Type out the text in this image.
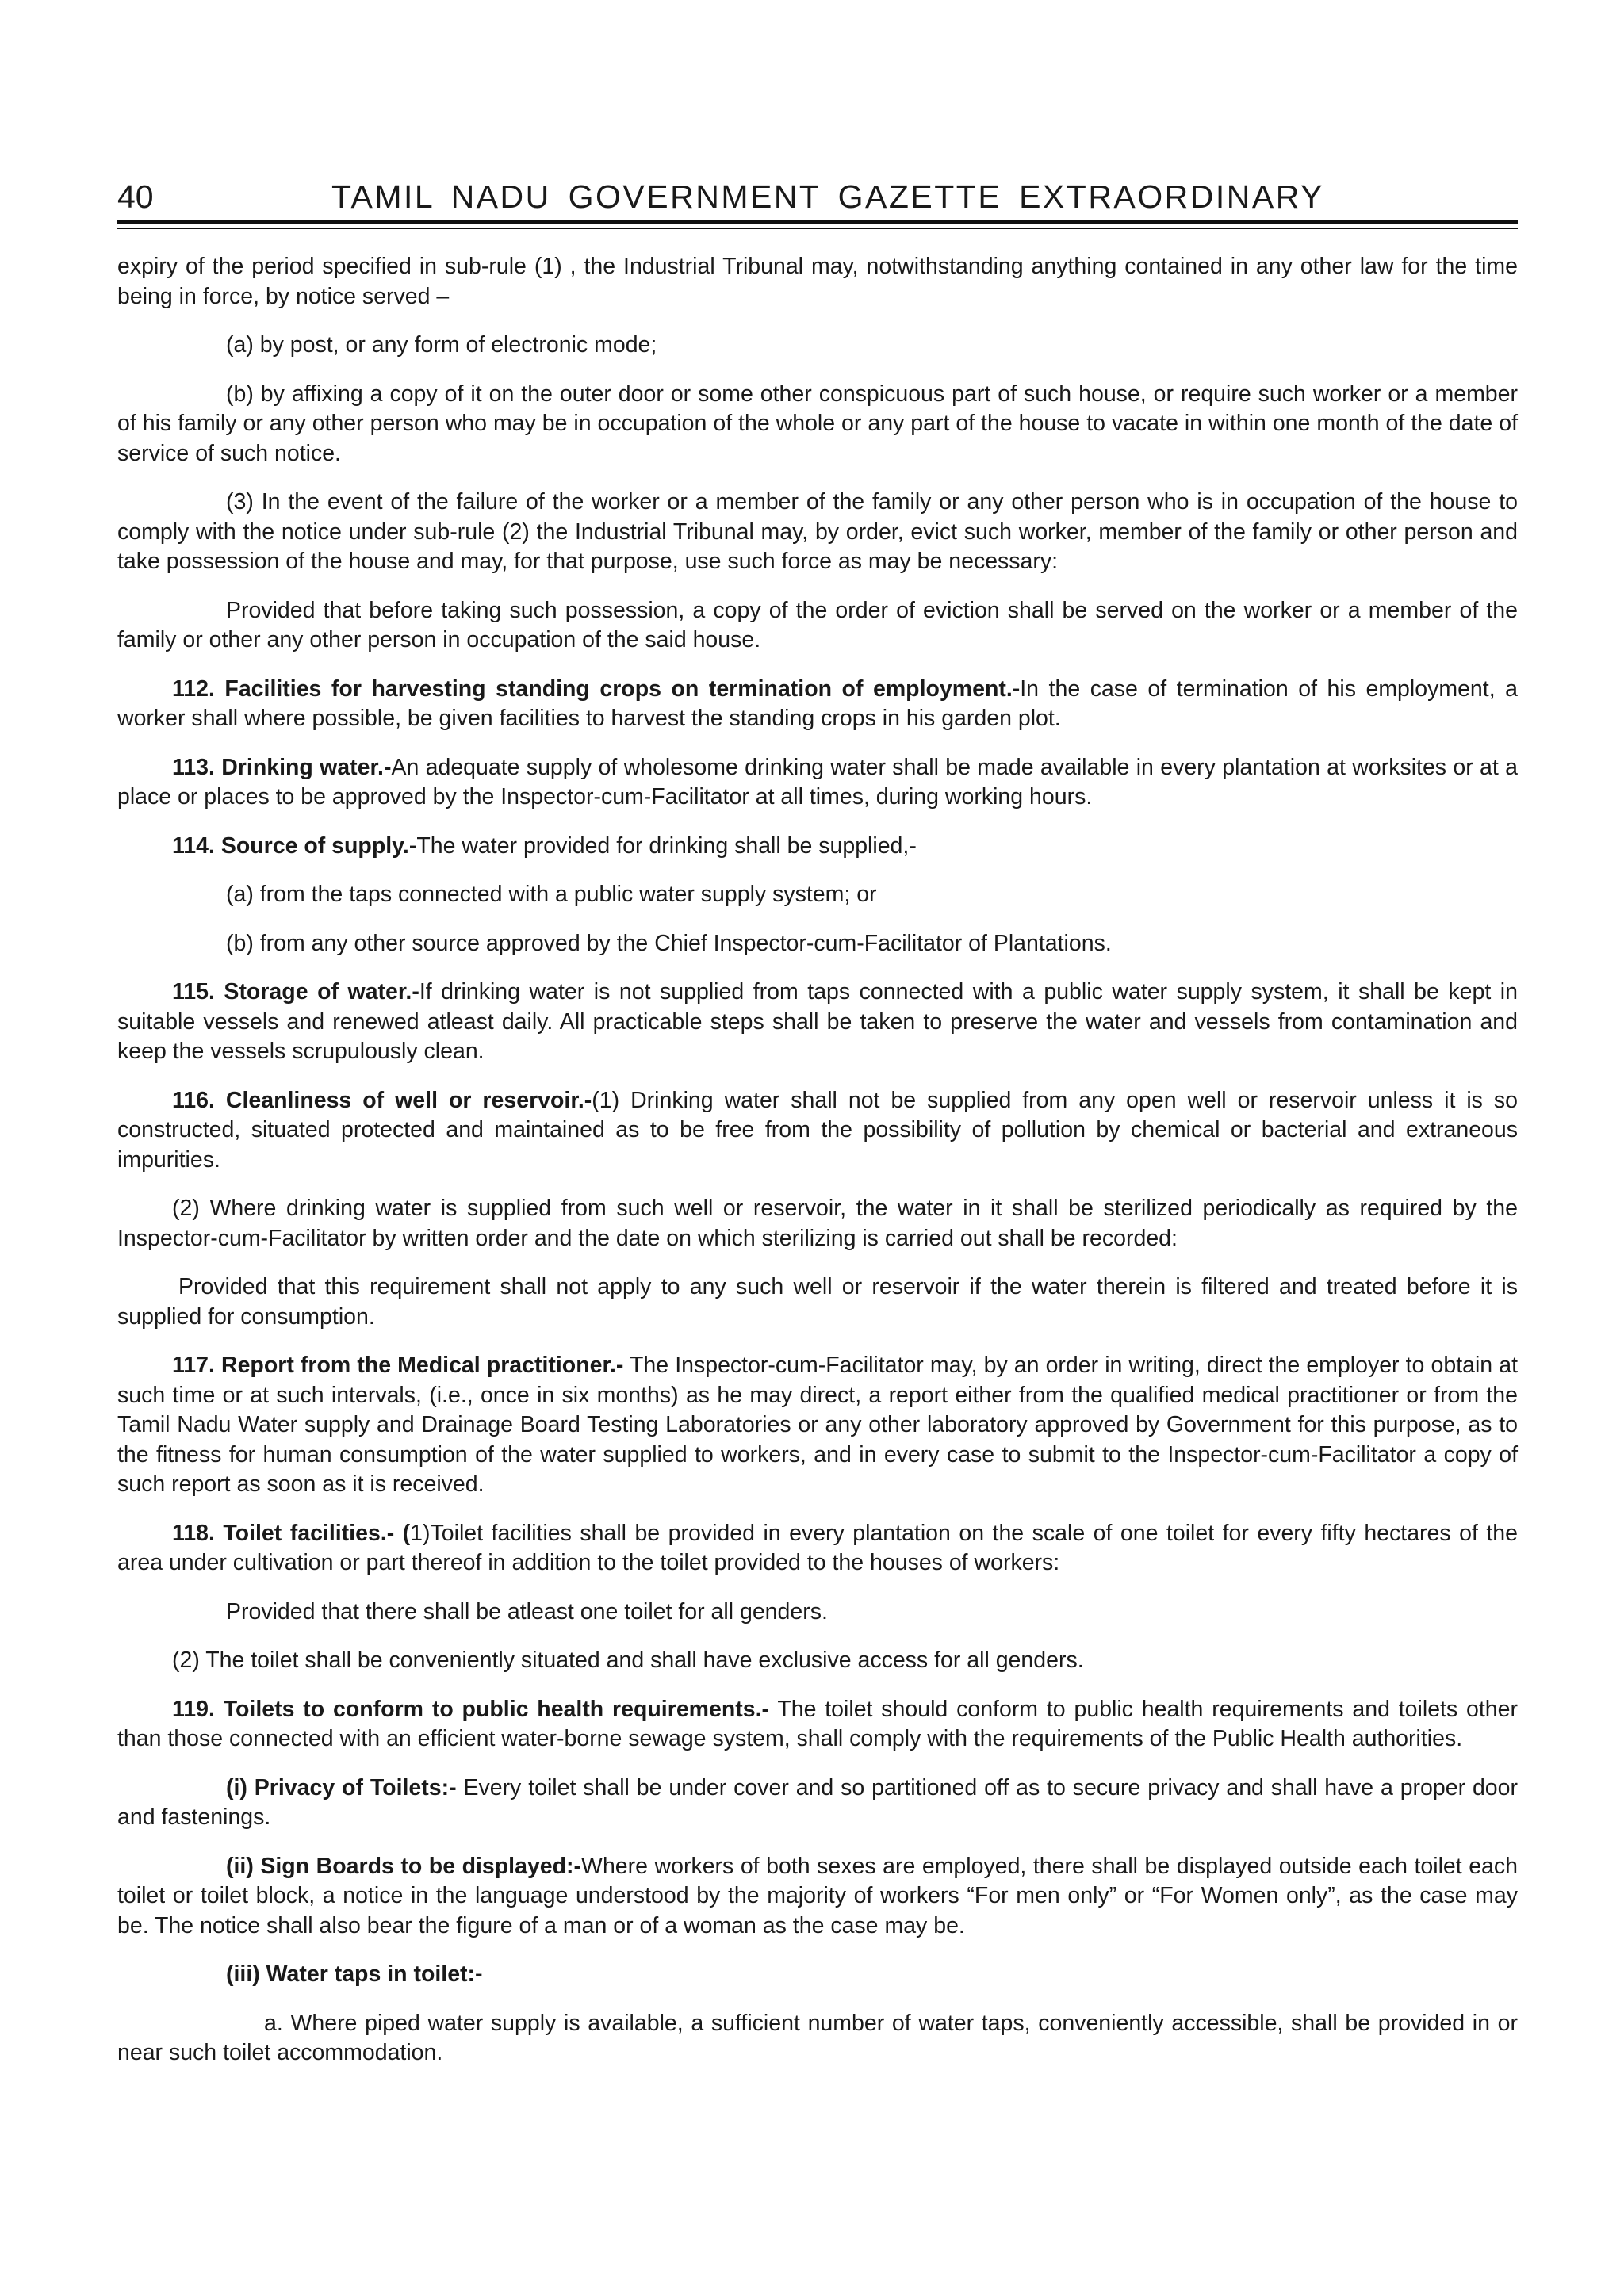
40	TAMIL NADU GOVERNMENT GAZETTE EXTRAORDINARY

expiry of the period specified in sub-rule (1) , the Industrial Tribunal may, notwithstanding anything contained in any other law for the time being in force, by notice served –

(a) by post, or any form of electronic mode;

(b) by affixing a copy of it on the outer door or some other conspicuous part of such house, or require such worker or a member of his family or any other person who may be in occupation of the whole or any part of the house to vacate in within one month of the date of service of such notice.

(3) In the event of the failure of the worker or a member of the family or any other person who is in occupation of the house to comply with the notice under sub-rule (2) the Industrial Tribunal may, by order, evict such worker, member of the family or other person and take possession of the house and may, for that purpose, use such force as may be necessary:

Provided that before taking such possession, a copy of the order of eviction shall be served on the worker or a member of the family or other any other person in occupation of the said house.

112. Facilities for harvesting standing crops on termination of employment.-In the case of termination of his employment, a worker shall where possible, be given facilities to harvest the standing crops in his garden plot.

113. Drinking water.-An adequate supply of wholesome drinking water shall be made available in every plantation at worksites or at a place or places to be approved by the Inspector-cum-Facilitator at all times, during working hours.

114. Source of supply.-The water provided for drinking shall be supplied,-

(a) from the taps connected with a public water supply system; or

(b) from any other source approved by the Chief Inspector-cum-Facilitator of Plantations.

115. Storage of water.-If drinking water is not supplied from taps connected with a public water supply system, it shall be kept in suitable vessels and renewed atleast daily. All practicable steps shall be taken to preserve the water and vessels from contamination and keep the vessels scrupulously clean.

116. Cleanliness of well or reservoir.-(1) Drinking water shall not be supplied from any open well or reservoir unless it is so constructed, situated protected and maintained as to be free from the possibility of pollution by chemical or bacterial and extraneous impurities.

(2) Where drinking water is supplied from such well or reservoir, the water in it shall be sterilized periodically as required by the Inspector-cum-Facilitator by written order and the date on which sterilizing is carried out shall be recorded:

Provided that this requirement shall not apply to any such well or reservoir if the water therein is filtered and treated before it is supplied for consumption.

117. Report from the Medical practitioner.- The Inspector-cum-Facilitator may, by an order in writing, direct the employer to obtain at such time or at such intervals, (i.e., once in six months) as he may direct, a report either from the qualified medical practitioner or from the Tamil Nadu Water supply and Drainage Board Testing Laboratories or any other laboratory approved by Government for this purpose, as to the fitness for human consumption of the water supplied to workers, and in every case to submit to the Inspector-cum-Facilitator a copy of such report as soon as it is received.

118. Toilet facilities.- (1)Toilet facilities shall be provided in every plantation on the scale of one toilet for every fifty hectares of the area under cultivation or part thereof in addition to the toilet provided to the houses of workers:

Provided that there shall be atleast one toilet for all genders.

(2) The toilet shall be conveniently situated and shall have exclusive access for all genders.

119. Toilets to conform to public health requirements.- The toilet should conform to public health requirements and toilets other than those connected with an efficient water-borne sewage system, shall comply with the requirements of the Public Health authorities.

(i) Privacy of Toilets:- Every toilet shall be under cover and so partitioned off as to secure privacy and shall have a proper door and fastenings.

(ii) Sign Boards to be displayed:-Where workers of both sexes are employed, there shall be displayed outside each toilet each toilet or toilet block, a notice in the language understood by the majority of workers “For men only” or “For Women only”, as the case may be. The notice shall also bear the figure of a man or of a woman as the case may be.

(iii) Water taps in toilet:-

a. Where piped water supply is available, a sufficient number of water taps, conveniently accessible, shall be provided in or near such toilet accommodation.
